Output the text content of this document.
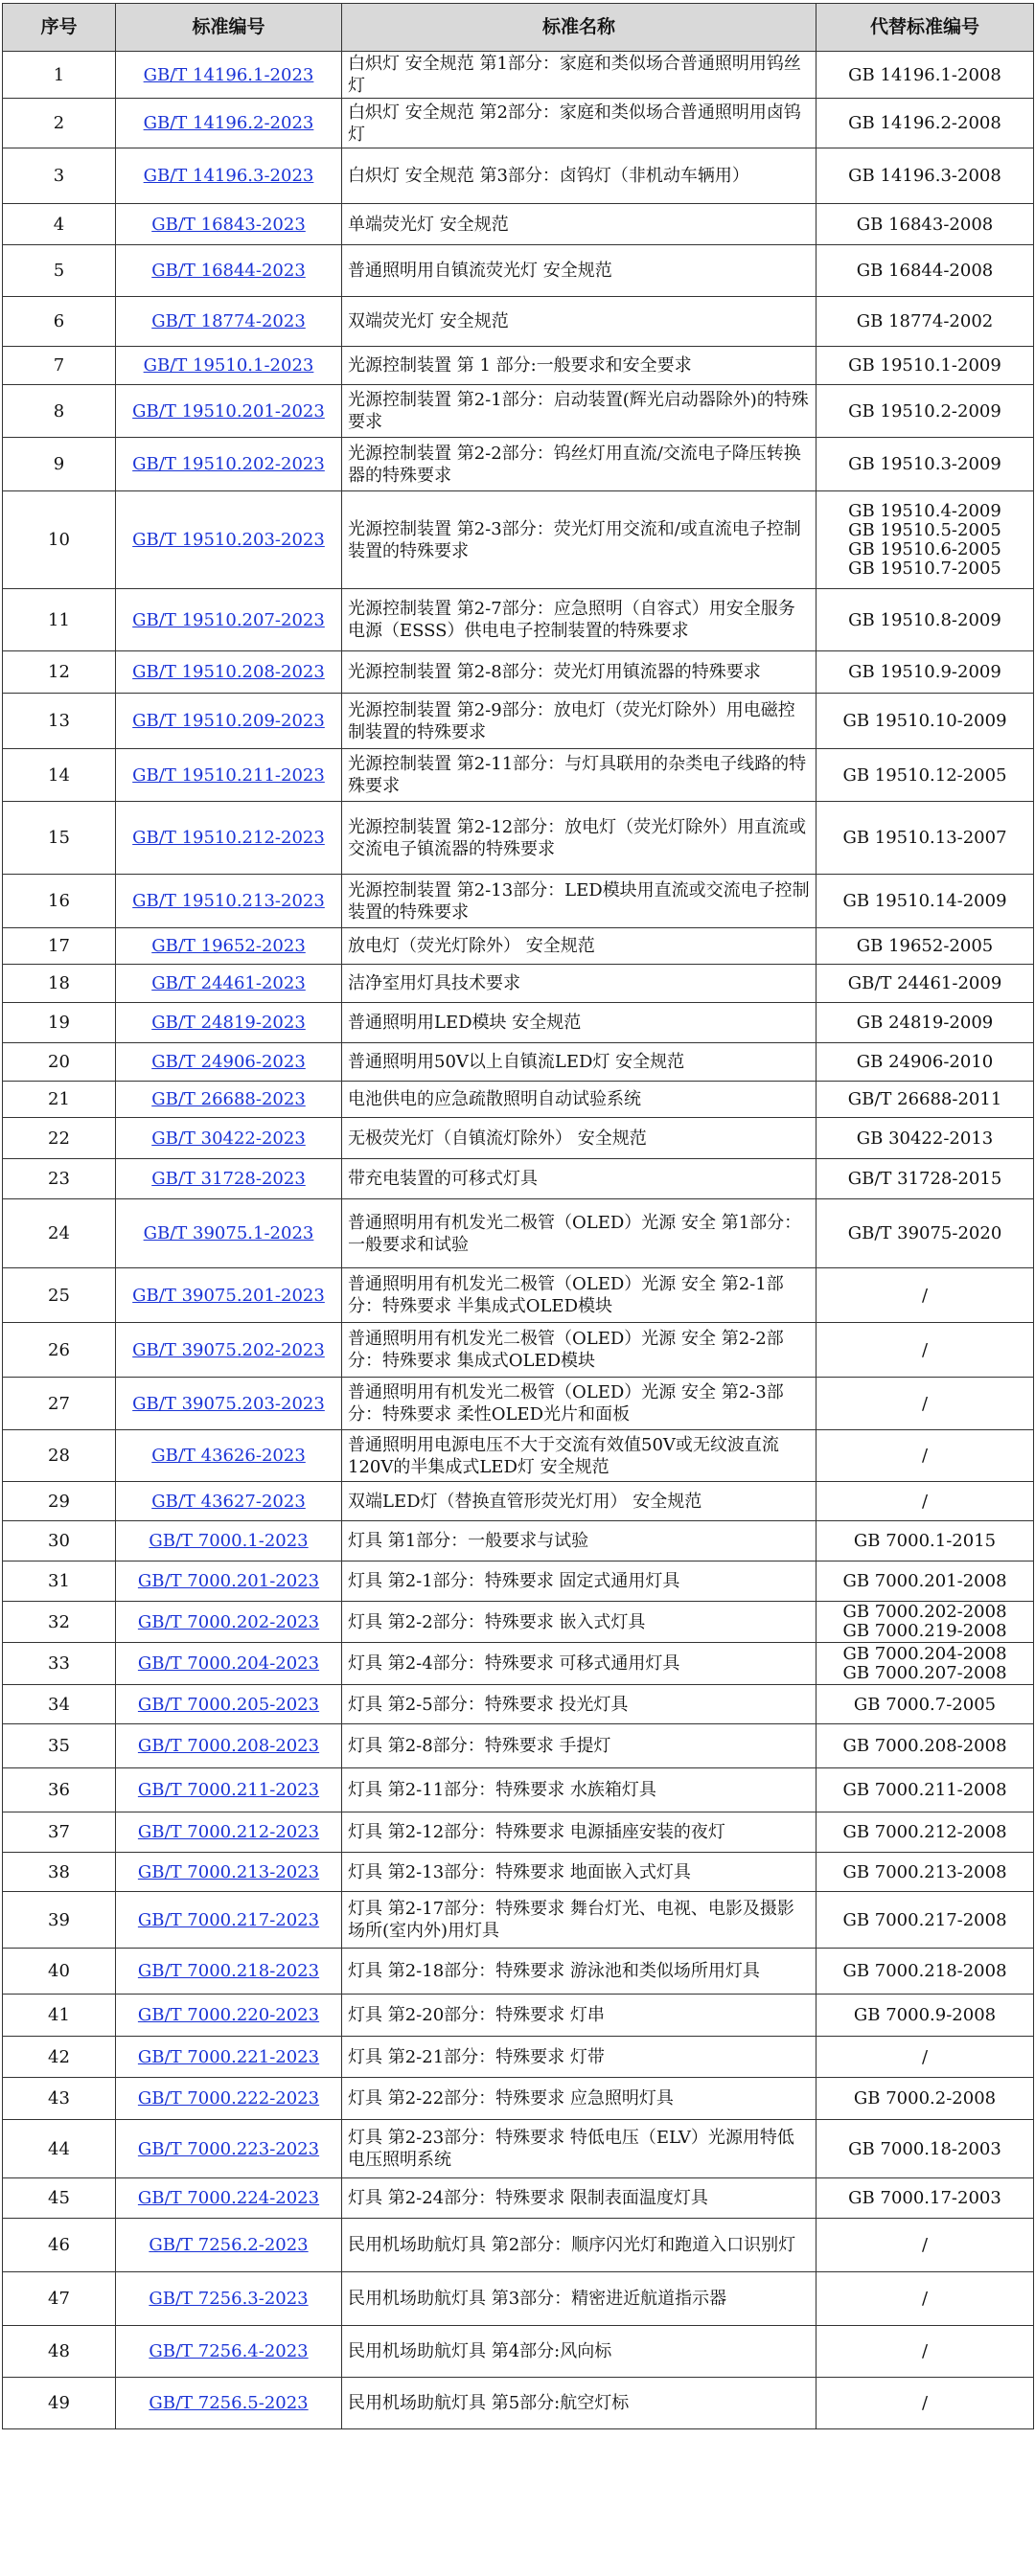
序号	标准编号	标准名称	代替标准编号
1	GB/T 14196.1-2023	白炽灯 安全规范 第1部分：家庭和类似场合普通照明用钨丝灯	GB 14196.1-2008

2	GB/T 14196.2-2023	白炽灯 安全规范 第2部分：家庭和类似场合普通照明用卤钨灯	GB 14196.2-2008

3	GB/T 14196.3-2023	白炽灯 安全规范 第3部分：卤钨灯（非机动车辆用）	GB 14196.3-2008

4	GB/T 16843-2023	单端荧光灯 安全规范	GB 16843-2008

5	GB/T 16844-2023	普通照明用自镇流荧光灯 安全规范	GB 16844-2008

6	GB/T 18774-2023	双端荧光灯 安全规范	GB 18774-2002

7	GB/T 19510.1-2023	光源控制装置 第 1 部分:一般要求和安全要求	GB 19510.1-2009

8	GB/T 19510.201-2023	光源控制装置 第2-1部分：启动装置(辉光启动器除外)的特殊要求	GB 19510.2-2009

9	GB/T 19510.202-2023	光源控制装置 第2-2部分：钨丝灯用直流/交流电子降压转换器的特殊要求	GB 19510.3-2009

10	GB/T 19510.203-2023	光源控制装置 第2-3部分：荧光灯用交流和/或直流电子控制装置的特殊要求	GB 19510.4-2009
GB 19510.5-2005
GB 19510.6-2005
GB 19510.7-2005

11	GB/T 19510.207-2023	光源控制装置 第2-7部分：应急照明（自容式）用安全服务电源（ESSS）供电电子控制装置的特殊要求	GB 19510.8-2009

12	GB/T 19510.208-2023	光源控制装置 第2-8部分：荧光灯用镇流器的特殊要求	GB 19510.9-2009

13	GB/T 19510.209-2023	光源控制装置 第2-9部分：放电灯（荧光灯除外）用电磁控制装置的特殊要求	GB 19510.10-2009

14	GB/T 19510.211-2023	光源控制装置 第2-11部分：与灯具联用的杂类电子线路的特殊要求	GB 19510.12-2005

15	GB/T 19510.212-2023	光源控制装置 第2-12部分：放电灯（荧光灯除外）用直流或交流电子镇流器的特殊要求	GB 19510.13-2007

16	GB/T 19510.213-2023	光源控制装置 第2-13部分：LED模块用直流或交流电子控制装置的特殊要求	GB 19510.14-2009

17	GB/T 19652-2023	放电灯（荧光灯除外） 安全规范	GB 19652-2005

18	GB/T 24461-2023	洁净室用灯具技术要求	GB/T 24461-2009

19	GB/T 24819-2023	普通照明用LED模块 安全规范	GB 24819-2009

20	GB/T 24906-2023	普通照明用50V以上自镇流LED灯 安全规范	GB 24906-2010

21	GB/T 26688-2023	电池供电的应急疏散照明自动试验系统	GB/T 26688-2011

22	GB/T 30422-2023	无极荧光灯（自镇流灯除外） 安全规范	GB 30422-2013

23	GB/T 31728-2023	带充电装置的可移式灯具	GB/T 31728-2015

24	GB/T 39075.1-2023	普通照明用有机发光二极管（OLED）光源 安全 第1部分：一般要求和试验	GB/T 39075-2020

25	GB/T 39075.201-2023	普通照明用有机发光二极管（OLED）光源 安全 第2-1部分：特殊要求 半集成式OLED模块	/

26	GB/T 39075.202-2023	普通照明用有机发光二极管（OLED）光源 安全 第2-2部分：特殊要求 集成式OLED模块	/

27	GB/T 39075.203-2023	普通照明用有机发光二极管（OLED）光源 安全 第2-3部分：特殊要求 柔性OLED光片和面板	/

28	GB/T 43626-2023	普通照明用电源电压不大于交流有效值50V或无纹波直流120V的半集成式LED灯 安全规范	/

29	GB/T 43627-2023	双端LED灯（替换直管形荧光灯用） 安全规范	/

30	GB/T 7000.1-2023	灯具 第1部分：一般要求与试验	GB 7000.1-2015

31	GB/T 7000.201-2023	灯具 第2-1部分：特殊要求 固定式通用灯具	GB 7000.201-2008

32	GB/T 7000.202-2023	灯具 第2-2部分：特殊要求 嵌入式灯具	GB 7000.202-2008
GB 7000.219-2008

33	GB/T 7000.204-2023	灯具 第2-4部分：特殊要求 可移式通用灯具	GB 7000.204-2008
GB 7000.207-2008

34	GB/T 7000.205-2023	灯具 第2-5部分：特殊要求 投光灯具	GB 7000.7-2005

35	GB/T 7000.208-2023	灯具 第2-8部分：特殊要求 手提灯	GB 7000.208-2008

36	GB/T 7000.211-2023	灯具 第2-11部分：特殊要求 水族箱灯具	GB 7000.211-2008

37	GB/T 7000.212-2023	灯具 第2-12部分：特殊要求 电源插座安装的夜灯	GB 7000.212-2008

38	GB/T 7000.213-2023	灯具 第2-13部分：特殊要求 地面嵌入式灯具	GB 7000.213-2008

39	GB/T 7000.217-2023	灯具 第2-17部分：特殊要求 舞台灯光、电视、电影及摄影场所(室内外)用灯具	GB 7000.217-2008

40	GB/T 7000.218-2023	灯具 第2-18部分：特殊要求 游泳池和类似场所用灯具	GB 7000.218-2008

41	GB/T 7000.220-2023	灯具 第2-20部分：特殊要求 灯串	GB 7000.9-2008

42	GB/T 7000.221-2023	灯具 第2-21部分：特殊要求 灯带	/

43	GB/T 7000.222-2023	灯具 第2-22部分：特殊要求 应急照明灯具	GB 7000.2-2008

44	GB/T 7000.223-2023	灯具 第2-23部分：特殊要求 特低电压（ELV）光源用特低电压照明系统	GB 7000.18-2003

45	GB/T 7000.224-2023	灯具 第2-24部分：特殊要求 限制表面温度灯具	GB 7000.17-2003

46	GB/T 7256.2-2023	民用机场助航灯具 第2部分：顺序闪光灯和跑道入口识别灯	/

47	GB/T 7256.3-2023	民用机场助航灯具 第3部分：精密进近航道指示器	/

48	GB/T 7256.4-2023	民用机场助航灯具 第4部分:风向标	/

49	GB/T 7256.5-2023	民用机场助航灯具 第5部分:航空灯标	/
